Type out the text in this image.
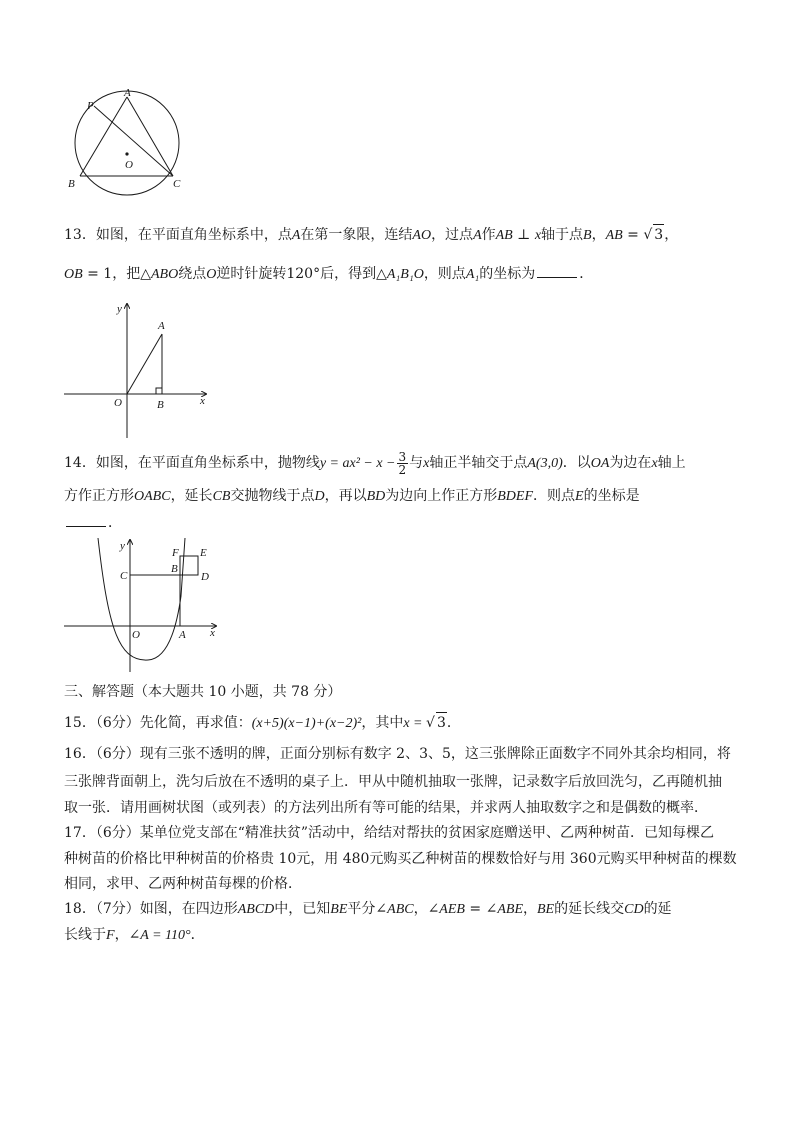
P
A
O
B	C
13．如图，在平面直角坐标系中，点A在第一象限，连结AO，过点A作AB ⊥ x轴于点B，AB = √ 3，
OB = 1，把△ABO绕点O逆时针旋转120°后，得到△A₁B₁O，则点A₁的坐标为	．
y
A
O	B	x
14．如图，在平面直角坐标系中，抛物线$y = ax^2 - x - \frac{3}{2}$ 与x轴正半轴交于点A(3,0)．以OA为边在x轴上
方作正方形OABC，延长CB交抛物线于点D，再以BD为边向上作正方形BDEF．则点E的坐标是
．
y
F E
C
B
D
O	A x
三、解答题（本大题共 10 小题，共 78 分）
15．（6分）先化简，再求值：(x+5)(x−1)+(x−2)²，其中x = √ 3．
16．（6分）现有三张不透明的牌，正面分别标有数字 2、3、5，这三张牌除正面数字不同外其余均相同，将
三张牌背面朝上，洗匀后放在不透明的桌子上．甲从中随机抽取一张牌，记录数字后放回洗匀，乙再随机抽
取一张．请用画树状图（或列表）的方法列出所有等可能的结果，并求两人抽取数字之和是偶数的概率．
17．（6分）某单位党支部在“精准扶贫”活动中，给结对帮扶的贫困家庭赠送甲、乙两种树苗．已知每棵乙
种树苗的价格比甲种树苗的价格贵 10元，用 480元购买乙种树苗的棵数恰好与用 360元购买甲种树苗的棵数
相同，求甲、乙两种树苗每棵的价格．
18．（7分）如图，在四边形ABCD中，已知BE平分∠ABC，∠AEB = ∠ABE，BE的延长线交CD的延
长线于F，∠A = 110°．
